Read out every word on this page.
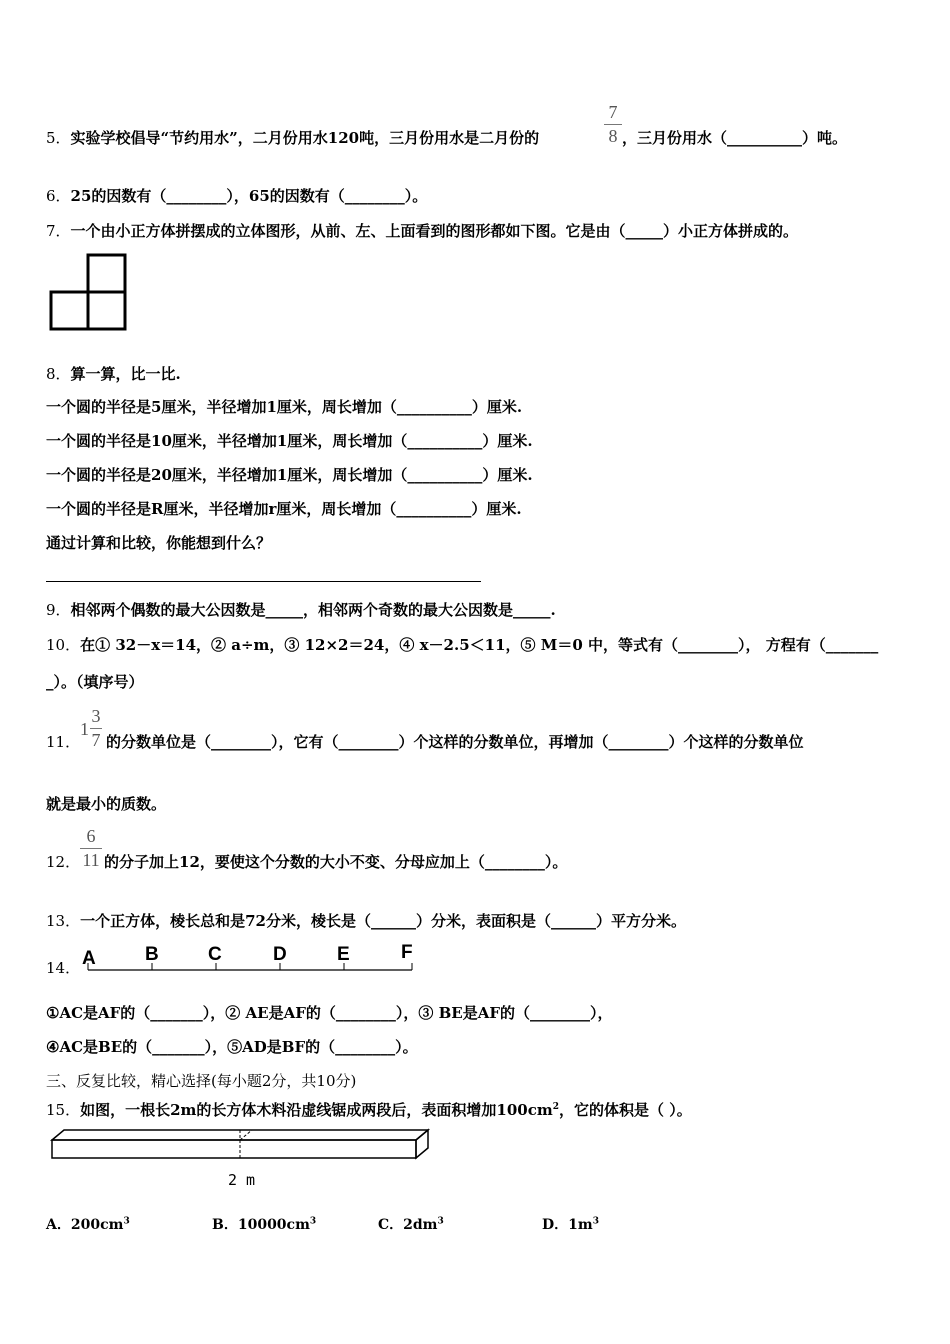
5．实验学校倡导“节约用水”，二月份用水120吨，三月份用水是二月份的
7
8 ，三月份用水（__________）吨。
6．25的因数有（________），65的因数有（________）。
7．一个由小正方体拼摆成的立体图形，从前、左、上面看到的图形都如下图。它是由（_____）小正方体拼成的。
8．算一算，比一比.
一个圆的半径是5厘米，半径增加1厘米，周长增加（__________）厘米.
一个圆的半径是10厘米，半径增加1厘米，周长增加（__________）厘米.
一个圆的半径是20厘米，半径增加1厘米，周长增加（__________）厘米.
一个圆的半径是R厘米，半径增加r厘米，周长增加（__________）厘米.
通过计算和比较，你能想到什么？
9．相邻两个偶数的最大公因数是_____，相邻两个奇数的最大公因数是_____.
10．在① 32－x＝14，② a÷m，③ 12×2＝24，④ x－2.5＜11，⑤ M＝0 中，等式有（________）， 方程有（_______
_）。（填序号）
11．
1
3
7 的分数单位是（________），它有（________）个这样的分数单位，再增加（________）个这样的分数单位
就是最小的质数。
12．
6
11 的分子加上12，要使这个分数的大小不变、分母应加上（________）。
13．一个正方体，棱长总和是72分米，棱长是（______）分米，表面积是（______）平方分米。
14． A	B	C	D	E	F
①AC是AF的（_______），② AE是AF的（________），③ BE是AF的（________），
④AC是BE的（_______），⑤AD是BF的（________）。
三、反复比较，精心选择(每小题2分，共10分)
15．如图，一根长2m的长方体木料沿虚线锯成两段后，表面积增加$100cm^2$，它的体积是（ ）。
2 m
A．$200cm^3$	B．$10000cm^3$	C．$2dm^3$	D．$1m^3$
